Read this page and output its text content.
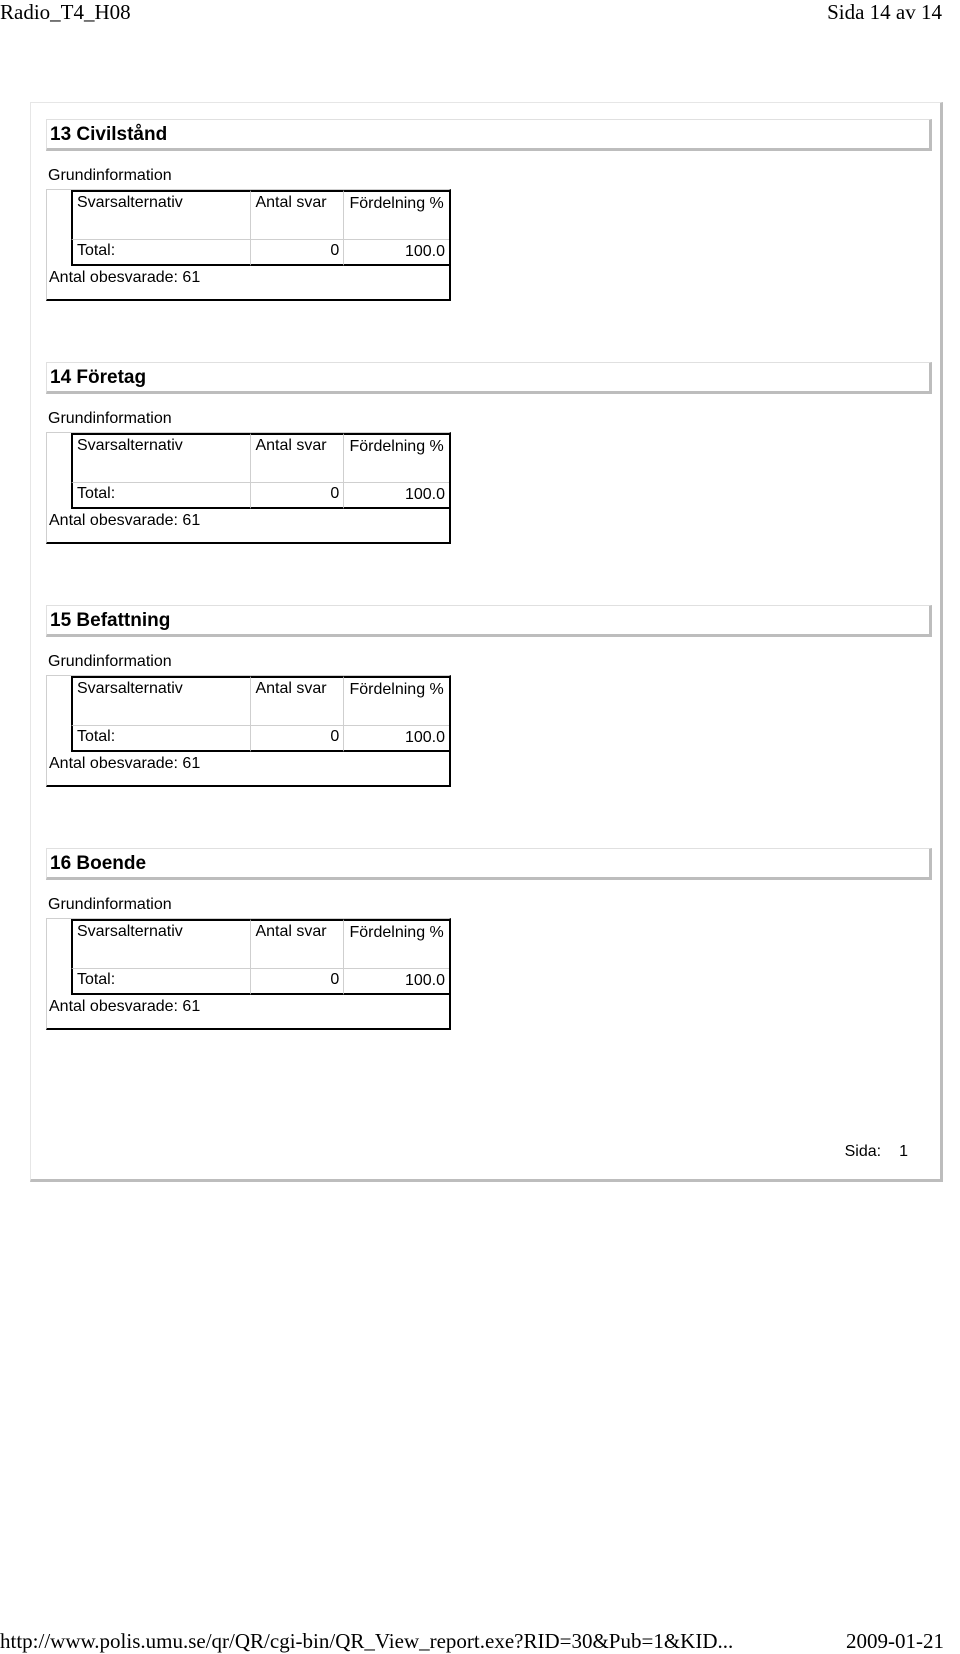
Radio_T4_H08	Sida 14 av 14
13 Civilstånd
Grundinformation
Svarsalternativ	Antal svar	Fördelning %
Total:	0	100.0
Antal obesvarade: 61
14 Företag
Grundinformation
Svarsalternativ	Antal svar	Fördelning %
Total:	0	100.0
Antal obesvarade: 61
15 Befattning
Grundinformation
Svarsalternativ	Antal svar	Fördelning %
Total:	0	100.0
Antal obesvarade: 61
16 Boende
Grundinformation
Svarsalternativ	Antal svar	Fördelning %
Total:	0	100.0
Antal obesvarade: 61
Sida: 1
http://www.polis.umu.se/qr/QR/cgi-bin/QR_View_report.exe?RID=30&Pub=1&KID...	2009-01-21
